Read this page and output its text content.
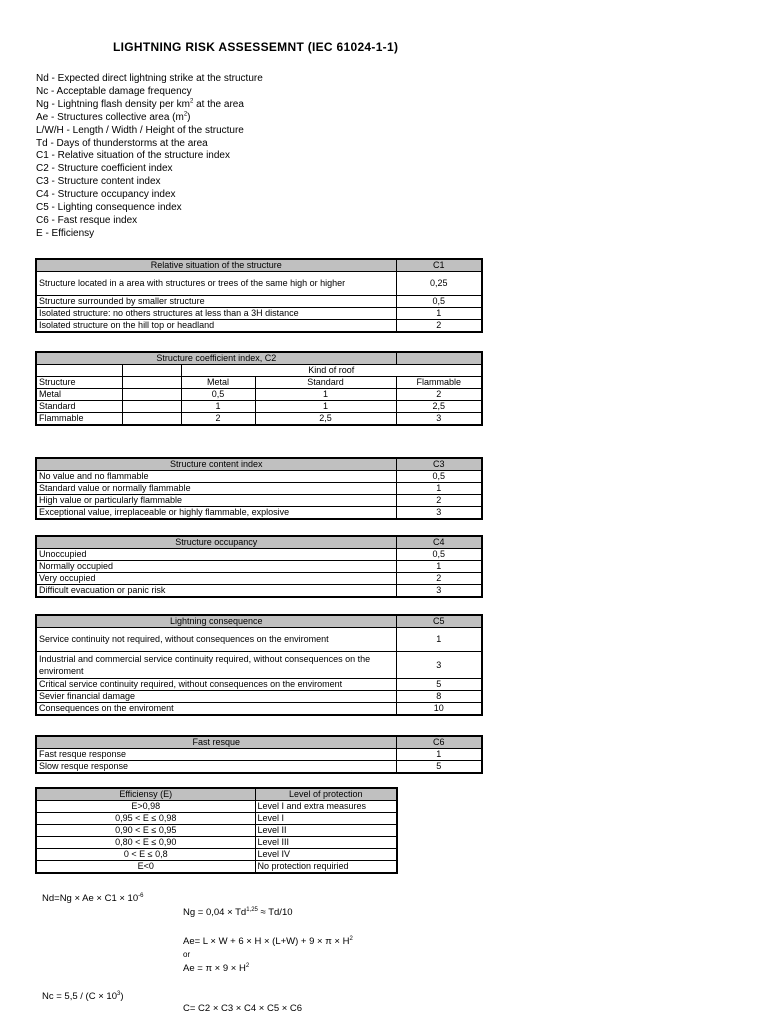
LIGHTNING RISK ASSESSEMNT (IEC 61024-1-1)
Nd - Expected direct lightning strike at the structure
Nc - Acceptable damage frequency
Ng - Lightning flash density per $km^2$ at the area
Ae - Structures collective area $(m^2)$
L/W/H - Length / Width / Height of the structure
Td - Days of thunderstorms at the area
C1 - Relative situation of the structure index
C2 - Structure coefficient index
C3 - Structure content index
C4 - Structure occupancy index
C5 - Lighting consequence index
C6 - Fast resque index
E - Efficiensy
Relative situation of the structure	C1
Structure located in a area with structures or trees of the same high or higher	0,25
Structure surrounded by smaller structure	0,5
Isolated structure: no others structures at less than a 3H distance	1
Isolated structure on the hill top or headland	2
Structure coefficient index, C2				
		Kind of roof		
Structure		Metal	Standard	Flammable
Metal		0,5	1	2
Standard		1	1	2,5
Flammable		2	2,5	3
Structure content index	C3
No value and no flammable	0,5
Standard value or normally flammable	1
High value or particularly flammable	2
Exceptional value, irreplaceable or highly flammable, explosive	3
Structure occupancy	C4
Unoccupied	0,5
Normally occupied	1
Very occupied	2
Difficult evacuation or panic risk	3
Lightning consequence	C5
Service continuity not required, without consequences on the enviroment	1
Industrial and commercial service continuity required, without consequences on the enviroment	3
Critical service continuity required, without consequences on the enviroment	5
Sevier financial damage	8
Consequences on the enviroment	10
Fast resque	C6
Fast resque response	1
Slow resque response	5
Efficiensy (E)	Level of protection
E>0,98	Level I and extra measures
0,95 < E ≤ 0,98	Level I
0,90 < E ≤ 0,95	Level II
0,80 < E ≤ 0,90	Level III
0 < E ≤ 0,8	Level IV
E<0	No protection requiried
$Nd=Ng \times Ae \times C1 \times 10^{-6}$
Ng = 0,04 × Td$^{1,25}$ ≈ Td/10
$Ae= L \times W + 6 \times H \times (L+W) + 9 \times \pi \times H^2$
or
$Ae = \pi \times 9 \times H^2$
$Nc = 5,5 / (C \times 10^3)$
C= C2 × C3 × C4 × C5 × C6
